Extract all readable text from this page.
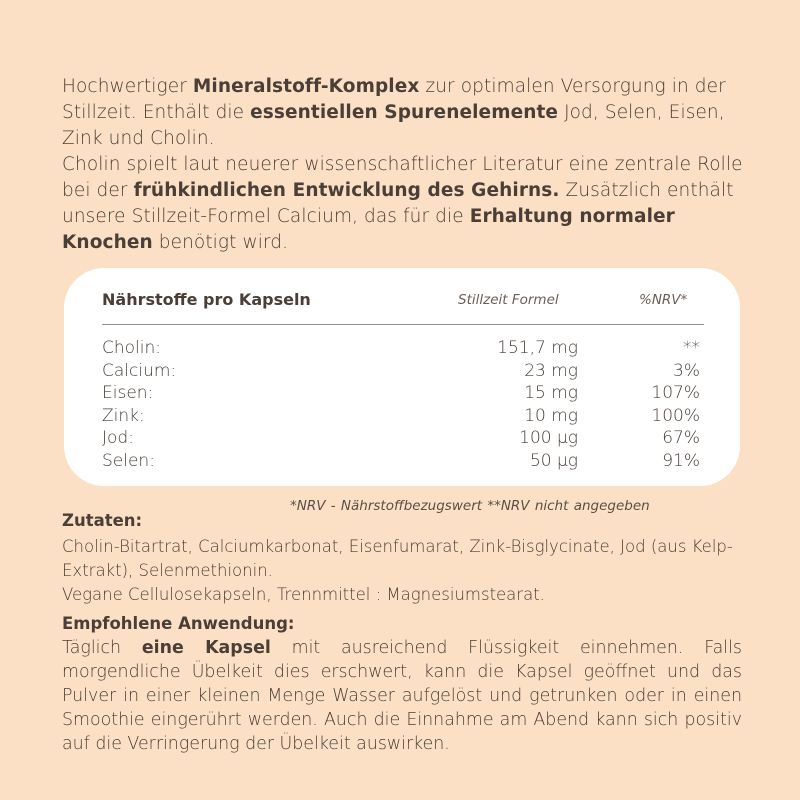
Hochwertiger Mineralstoff-Komplex zur optimalen Versorgung in der Stillzeit. Enthält die essentiellen Spurenelemente Jod, Selen, Eisen, Zink und Cholin.

Cholin spielt laut neuerer wissenschaftlicher Literatur eine zentrale Rolle bei der frühkindlichen Entwicklung des Gehirns. Zusätzlich enthält unsere Stillzeit-Formel Calcium, das für die Erhaltung normaler Knochen benötigt wird.

Nährstoffe pro Kapseln	Stillzeit Formel	%NRV*
Cholin:	151,7 mg	**
Calcium:	23 mg	3%
Eisen:	15 mg	107%
Zink:	10 mg	100%
Jod:	100 µg	67%
Selen:	50 µg	91%
*NRV - Nährstoffbezugswert **NRV nicht angegeben
Zutaten:

Cholin-Bitartrat, Calciumkarbonat, Eisenfumarat, Zink-Bisglycinate, Jod (aus Kelp-Extrakt), Selenmethionin.

Vegane Cellulosekapseln, Trennmittel : Magnesiumstearat.

Empfohlene Anwendung:
Täglich eine Kapsel mit ausreichend Flüssigkeit einnehmen. Falls morgendliche Übelkeit dies erschwert, kann die Kapsel geöffnet und das Pulver in einer kleinen Menge Wasser aufgelöst und getrunken oder in einen Smoothie eingerührt werden. Auch die Einnahme am Abend kann sich positiv auf die Verringerung der Übelkeit auswirken.
